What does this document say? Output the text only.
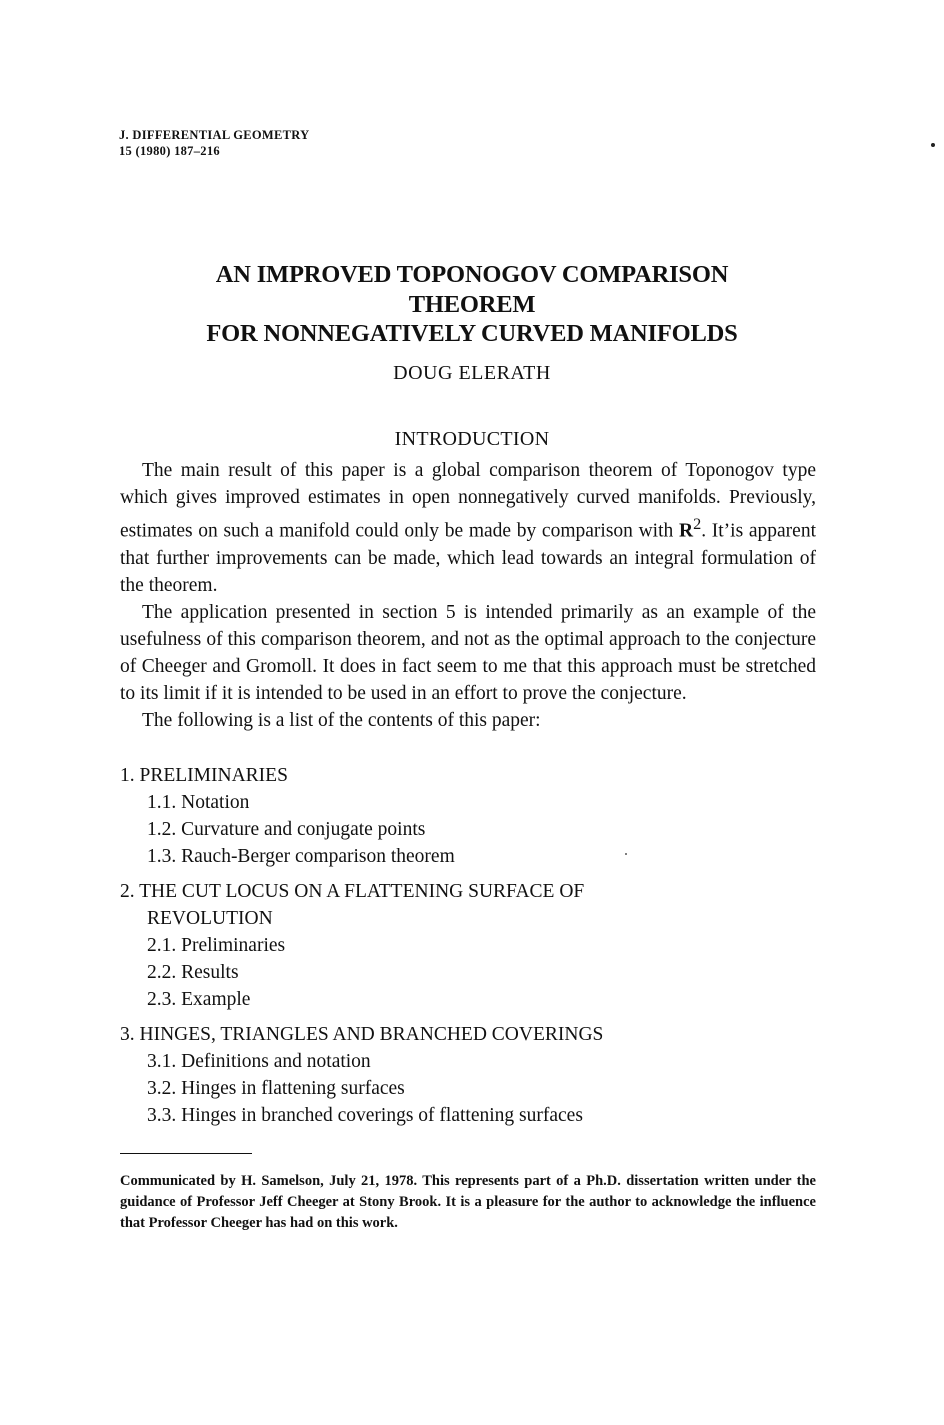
J. DIFFERENTIAL GEOMETRY
15 (1980) 187–216
AN IMPROVED TOPONOGOV COMPARISON
THEOREM
FOR NONNEGATIVELY CURVED MANIFOLDS
DOUG ELERATH
INTRODUCTION

The main result of this paper is a global comparison theorem of Toponogov type which gives improved estimates in open nonnegatively curved manifolds. Previously, estimates on such a manifold could only be made by comparison with $R^2$. It’is apparent that further improvements can be made, which lead towards an integral formulation of the theorem.

The application presented in section 5 is intended primarily as an example of the usefulness of this comparison theorem, and not as the optimal approach to the conjecture of Cheeger and Gromoll. It does in fact seem to me that this approach must be stretched to its limit if it is intended to be used in an effort to prove the conjecture.

The following is a list of the contents of this paper:

1. PRELIMINARIES
1.1. Notation
1.2. Curvature and conjugate points
1.3. Rauch-Berger comparison theorem
2. THE CUT LOCUS ON A FLATTENING SURFACE OF
REVOLUTION
2.1. Preliminaries
2.2. Results
2.3. Example
3. HINGES, TRIANGLES AND BRANCHED COVERINGS
3.1. Definitions and notation
3.2. Hinges in flattening surfaces
3.3. Hinges in branched coverings of flattening surfaces
Communicated by H. Samelson, July 21, 1978. This represents part of a Ph.D. dissertation written under the guidance of Professor Jeff Cheeger at Stony Brook. It is a pleasure for the author to acknowledge the influence that Professor Cheeger has had on this work.
